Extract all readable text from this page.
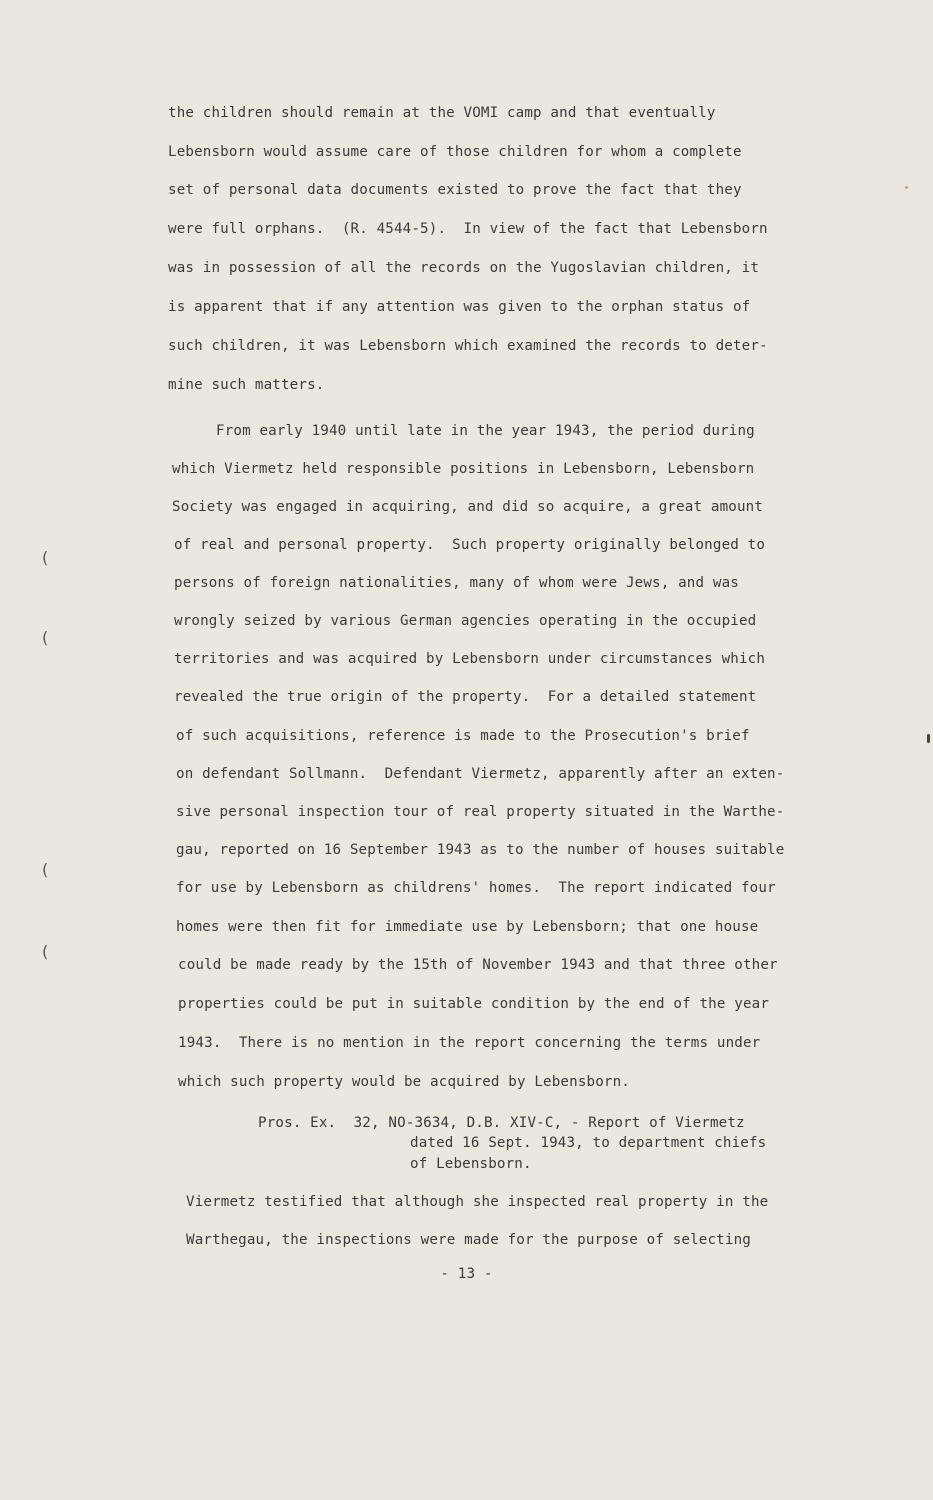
the children should remain at the VOMI camp and that eventually
Lebensborn would assume care of those children for whom a complete
set of personal data documents existed to prove the fact that they
were full orphans.  (R. 4544-5).  In view of the fact that Lebensborn
was in possession of all the records on the Yugoslavian children, it
is apparent that if any attention was given to the orphan status of
such children, it was Lebensborn which examined the records to deter-
mine such matters.
From early 1940 until late in the year 1943, the period during
which Viermetz held responsible positions in Lebensborn, Lebensborn
Society was engaged in acquiring, and did so acquire, a great amount
of real and personal property.  Such property originally belonged to
persons of foreign nationalities, many of whom were Jews, and was
wrongly seized by various German agencies operating in the occupied
territories and was acquired by Lebensborn under circumstances which
revealed the true origin of the property.  For a detailed statement
of such acquisitions, reference is made to the Prosecution's brief
on defendant Sollmann.  Defendant Viermetz, apparently after an exten-
sive personal inspection tour of real property situated in the Warthe-
gau, reported on 16 September 1943 as to the number of houses suitable
for use by Lebensborn as childrens' homes.  The report indicated four
homes were then fit for immediate use by Lebensborn; that one house
could be made ready by the 15th of November 1943 and that three other
properties could be put in suitable condition by the end of the year
1943.  There is no mention in the report concerning the terms under
which such property would be acquired by Lebensborn.
Pros. Ex.  32, NO-3634, D.B. XIV-C, - Report of Viermetz
dated 16 Sept. 1943, to department chiefs
of Lebensborn.
Viermetz testified that although she inspected real property in the
Warthegau, the inspections were made for the purpose of selecting
- 13 -
(
(
(
(
